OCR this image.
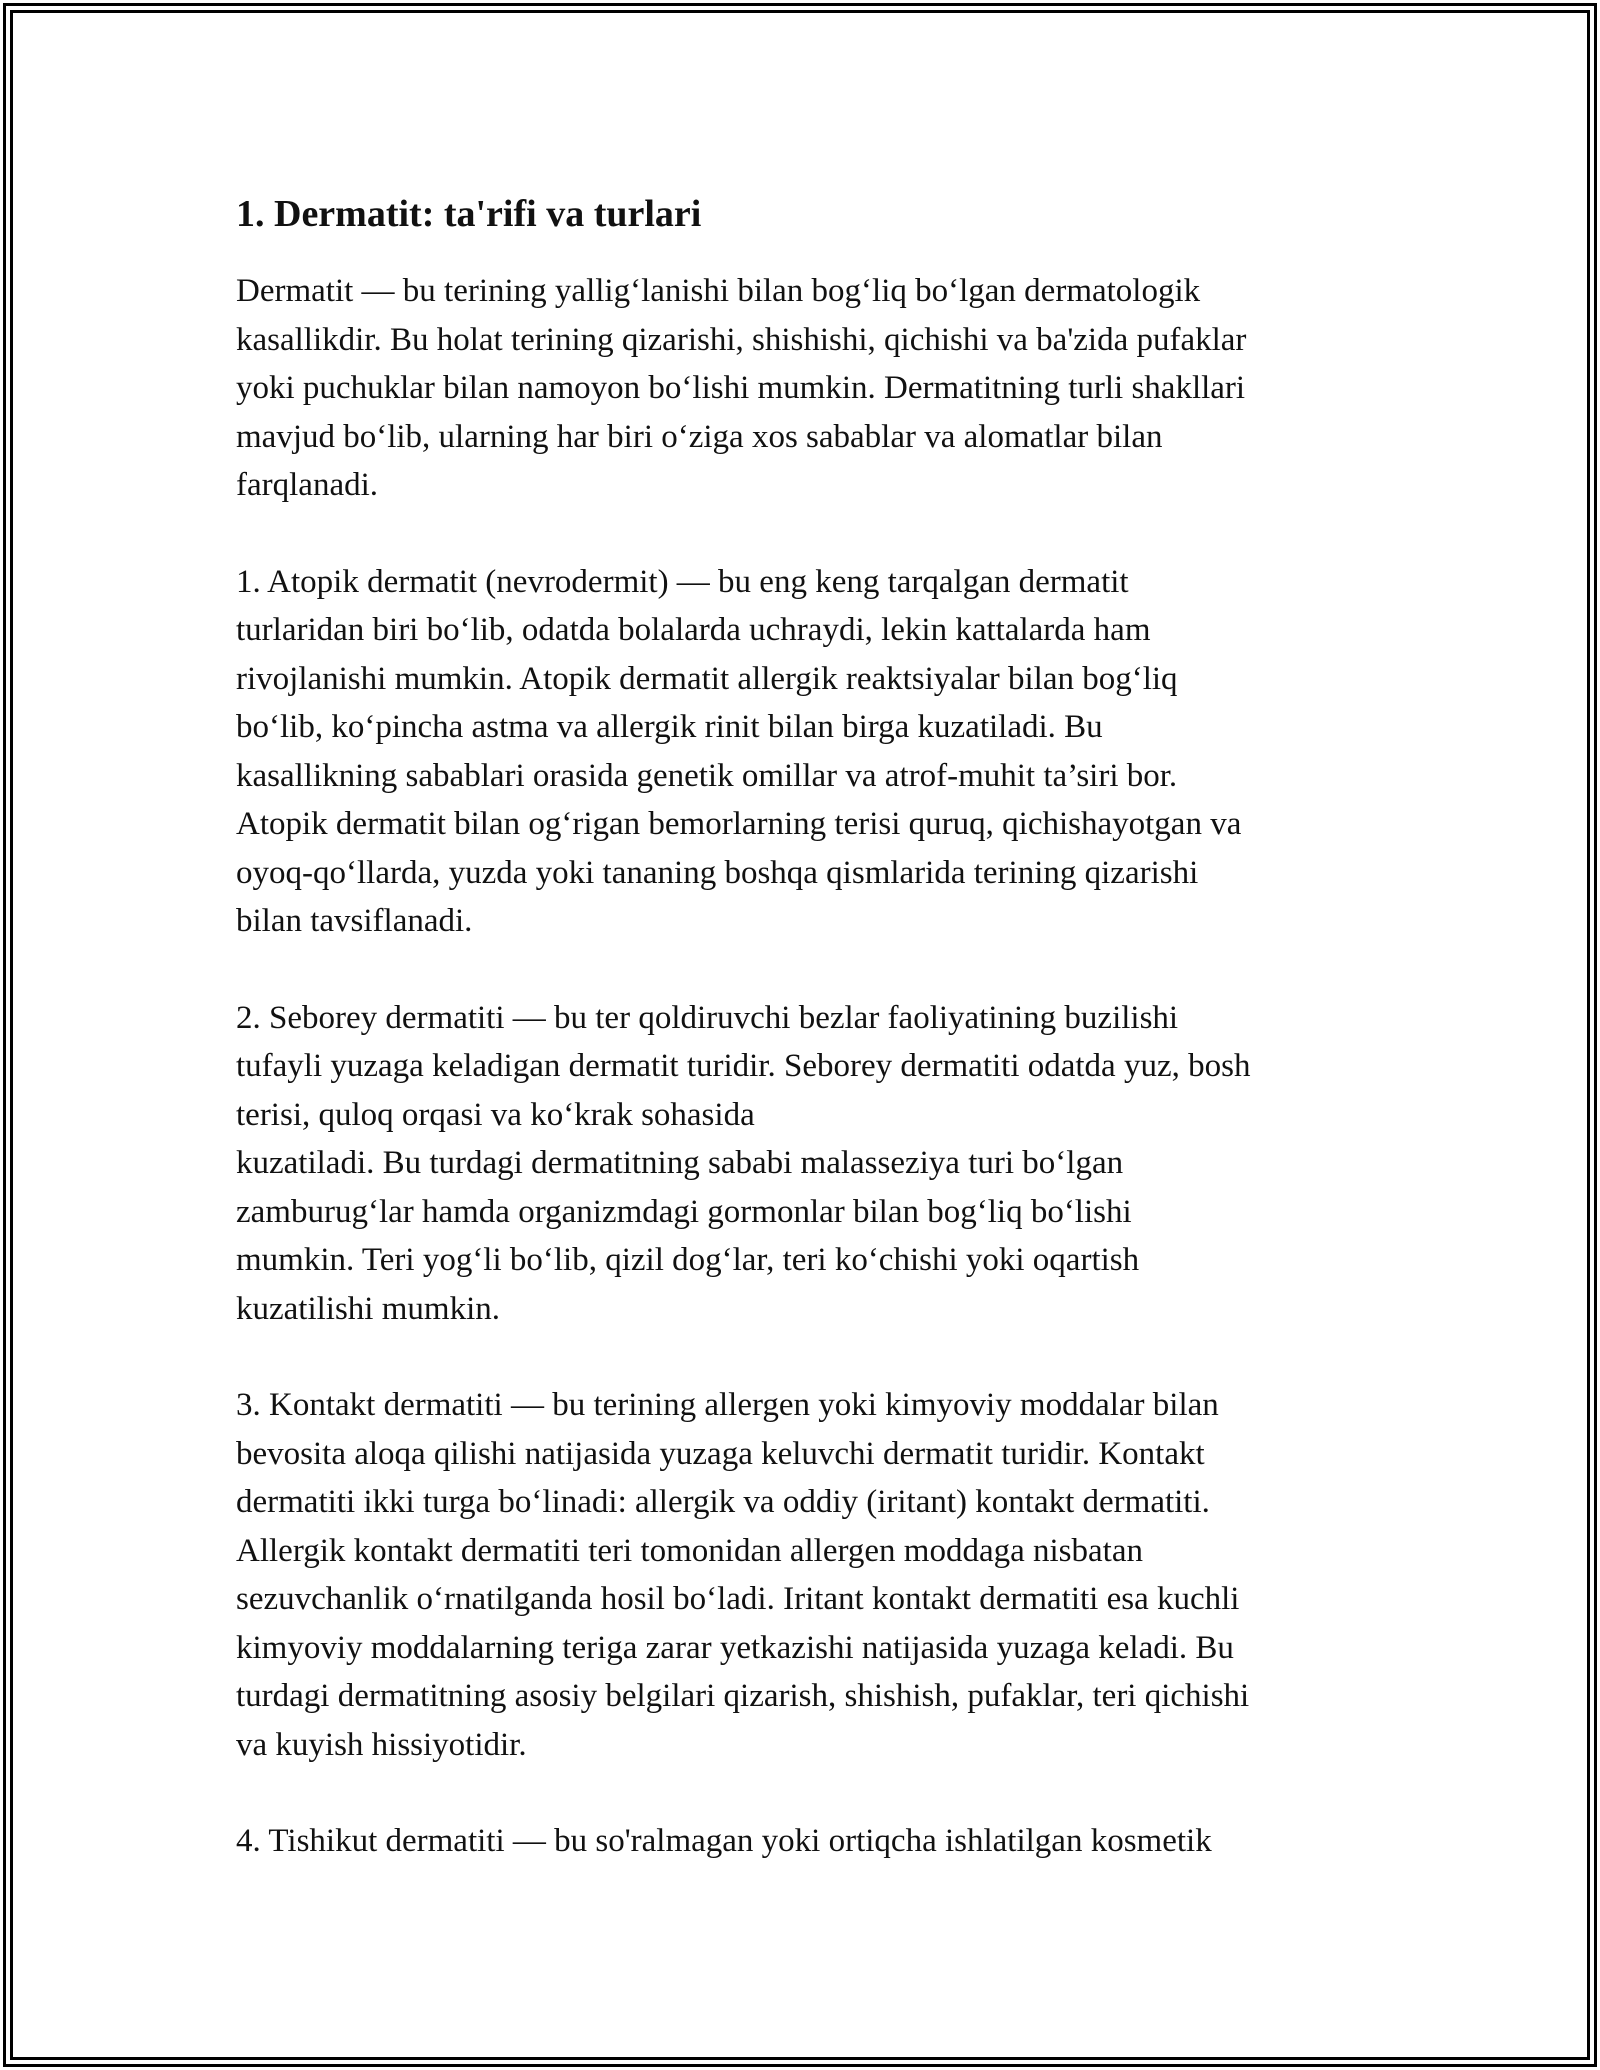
1. Dermatit: ta'rifi va turlari

Dermatit — bu terining yallig‘lanishi bilan bog‘liq bo‘lgan dermatologik
kasallikdir. Bu holat terining qizarishi, shishishi, qichishi va ba'zida pufaklar
yoki puchuklar bilan namoyon bo‘lishi mumkin. Dermatitning turli shakllari
mavjud bo‘lib, ularning har biri o‘ziga xos sabablar va alomatlar bilan
farqlanadi.

1. Atopik dermatit (nevrodermit) — bu eng keng tarqalgan dermatit
turlaridan biri bo‘lib, odatda bolalarda uchraydi, lekin kattalarda ham
rivojlanishi mumkin. Atopik dermatit allergik reaktsiyalar bilan bog‘liq
bo‘lib, ko‘pincha astma va allergik rinit bilan birga kuzatiladi. Bu
kasallikning sabablari orasida genetik omillar va atrof-muhit ta’siri bor.
Atopik dermatit bilan og‘rigan bemorlarning terisi quruq, qichishayotgan va
oyoq-qo‘llarda, yuzda yoki tananing boshqa qismlarida terining qizarishi
bilan tavsiflanadi.

2. Seborey dermatiti — bu ter qoldiruvchi bezlar faoliyatining buzilishi
tufayli yuzaga keladigan dermatit turidir. Seborey dermatiti odatda yuz, bosh
terisi, quloq orqasi va ko‘krak sohasida
kuzatiladi. Bu turdagi dermatitning sababi malasseziya turi bo‘lgan
zamburug‘lar hamda organizmdagi gormonlar bilan bog‘liq bo‘lishi
mumkin. Teri yog‘li bo‘lib, qizil dog‘lar, teri ko‘chishi yoki oqartish
kuzatilishi mumkin.

3. Kontakt dermatiti — bu terining allergen yoki kimyoviy moddalar bilan
bevosita aloqa qilishi natijasida yuzaga keluvchi dermatit turidir. Kontakt
dermatiti ikki turga bo‘linadi: allergik va oddiy (iritant) kontakt dermatiti.
Allergik kontakt dermatiti teri tomonidan allergen moddaga nisbatan
sezuvchanlik o‘rnatilganda hosil bo‘ladi. Iritant kontakt dermatiti esa kuchli
kimyoviy moddalarning teriga zarar yetkazishi natijasida yuzaga keladi. Bu
turdagi dermatitning asosiy belgilari qizarish, shishish, pufaklar, teri qichishi
va kuyish hissiyotidir.

4. Tishikut dermatiti — bu so'ralmagan yoki ortiqcha ishlatilgan kosmetik
